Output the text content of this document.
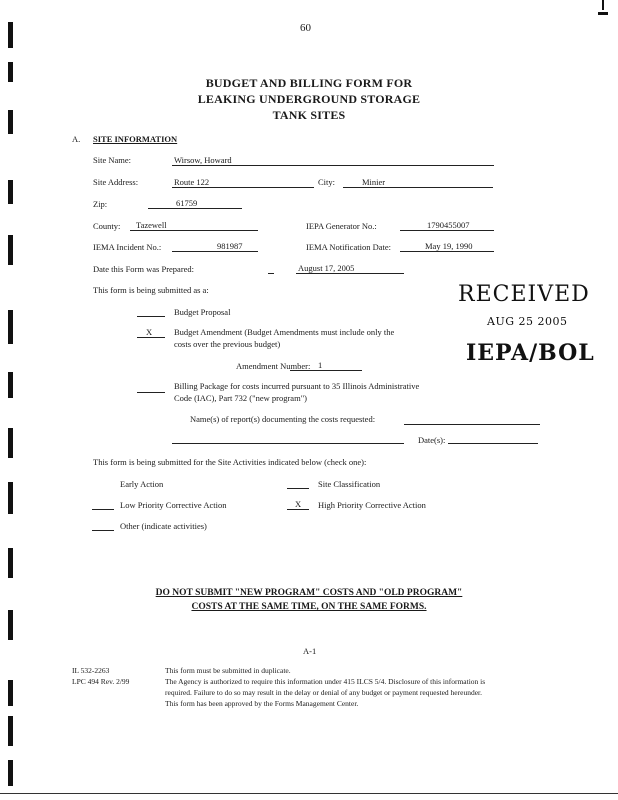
60
BUDGET AND BILLING FORM FOR
LEAKING UNDERGROUND STORAGE
TANK SITES
A. SITE INFORMATION
Site Name:	Wirsow, Howard
Site Address:	Route 122	City:	Minier
Zip:	61759
County: Tazewell	IEPA Generator No.:	1790455007
IEMA Incident No.:	981987	IEMA Notification Date:	May 19, 1990
Date this Form was Prepared:	August 17, 2005
This form is being submitted as a:
Budget Proposal
X	Budget Amendment (Budget Amendments must include only the
costs over the previous budget)
Amendment Number: 1
Billing Package for costs incurred pursuant to 35 Illinois Administrative
Code (IAC), Part 732 ("new program")
Name(s) of report(s) documenting the costs requested:
Date(s):
RECEIVED
AUG 25 2005
IEPA/BOL
This form is being submitted for the Site Activities indicated below (check one):
Early Action	Site Classification
Low Priority Corrective Action	X High Priority Corrective Action
Other (indicate activities)
DO NOT SUBMIT "NEW PROGRAM" COSTS AND "OLD PROGRAM"
COSTS AT THE SAME TIME, ON THE SAME FORMS.
A-1
IL 532-2263
LPC 494 Rev. 2/99
This form must be submitted in duplicate.
The Agency is authorized to require this information under 415 ILCS 5/4. Disclosure of this information is
required. Failure to do so may result in the delay or denial of any budget or payment requested hereunder.
This form has been approved by the Forms Management Center.
